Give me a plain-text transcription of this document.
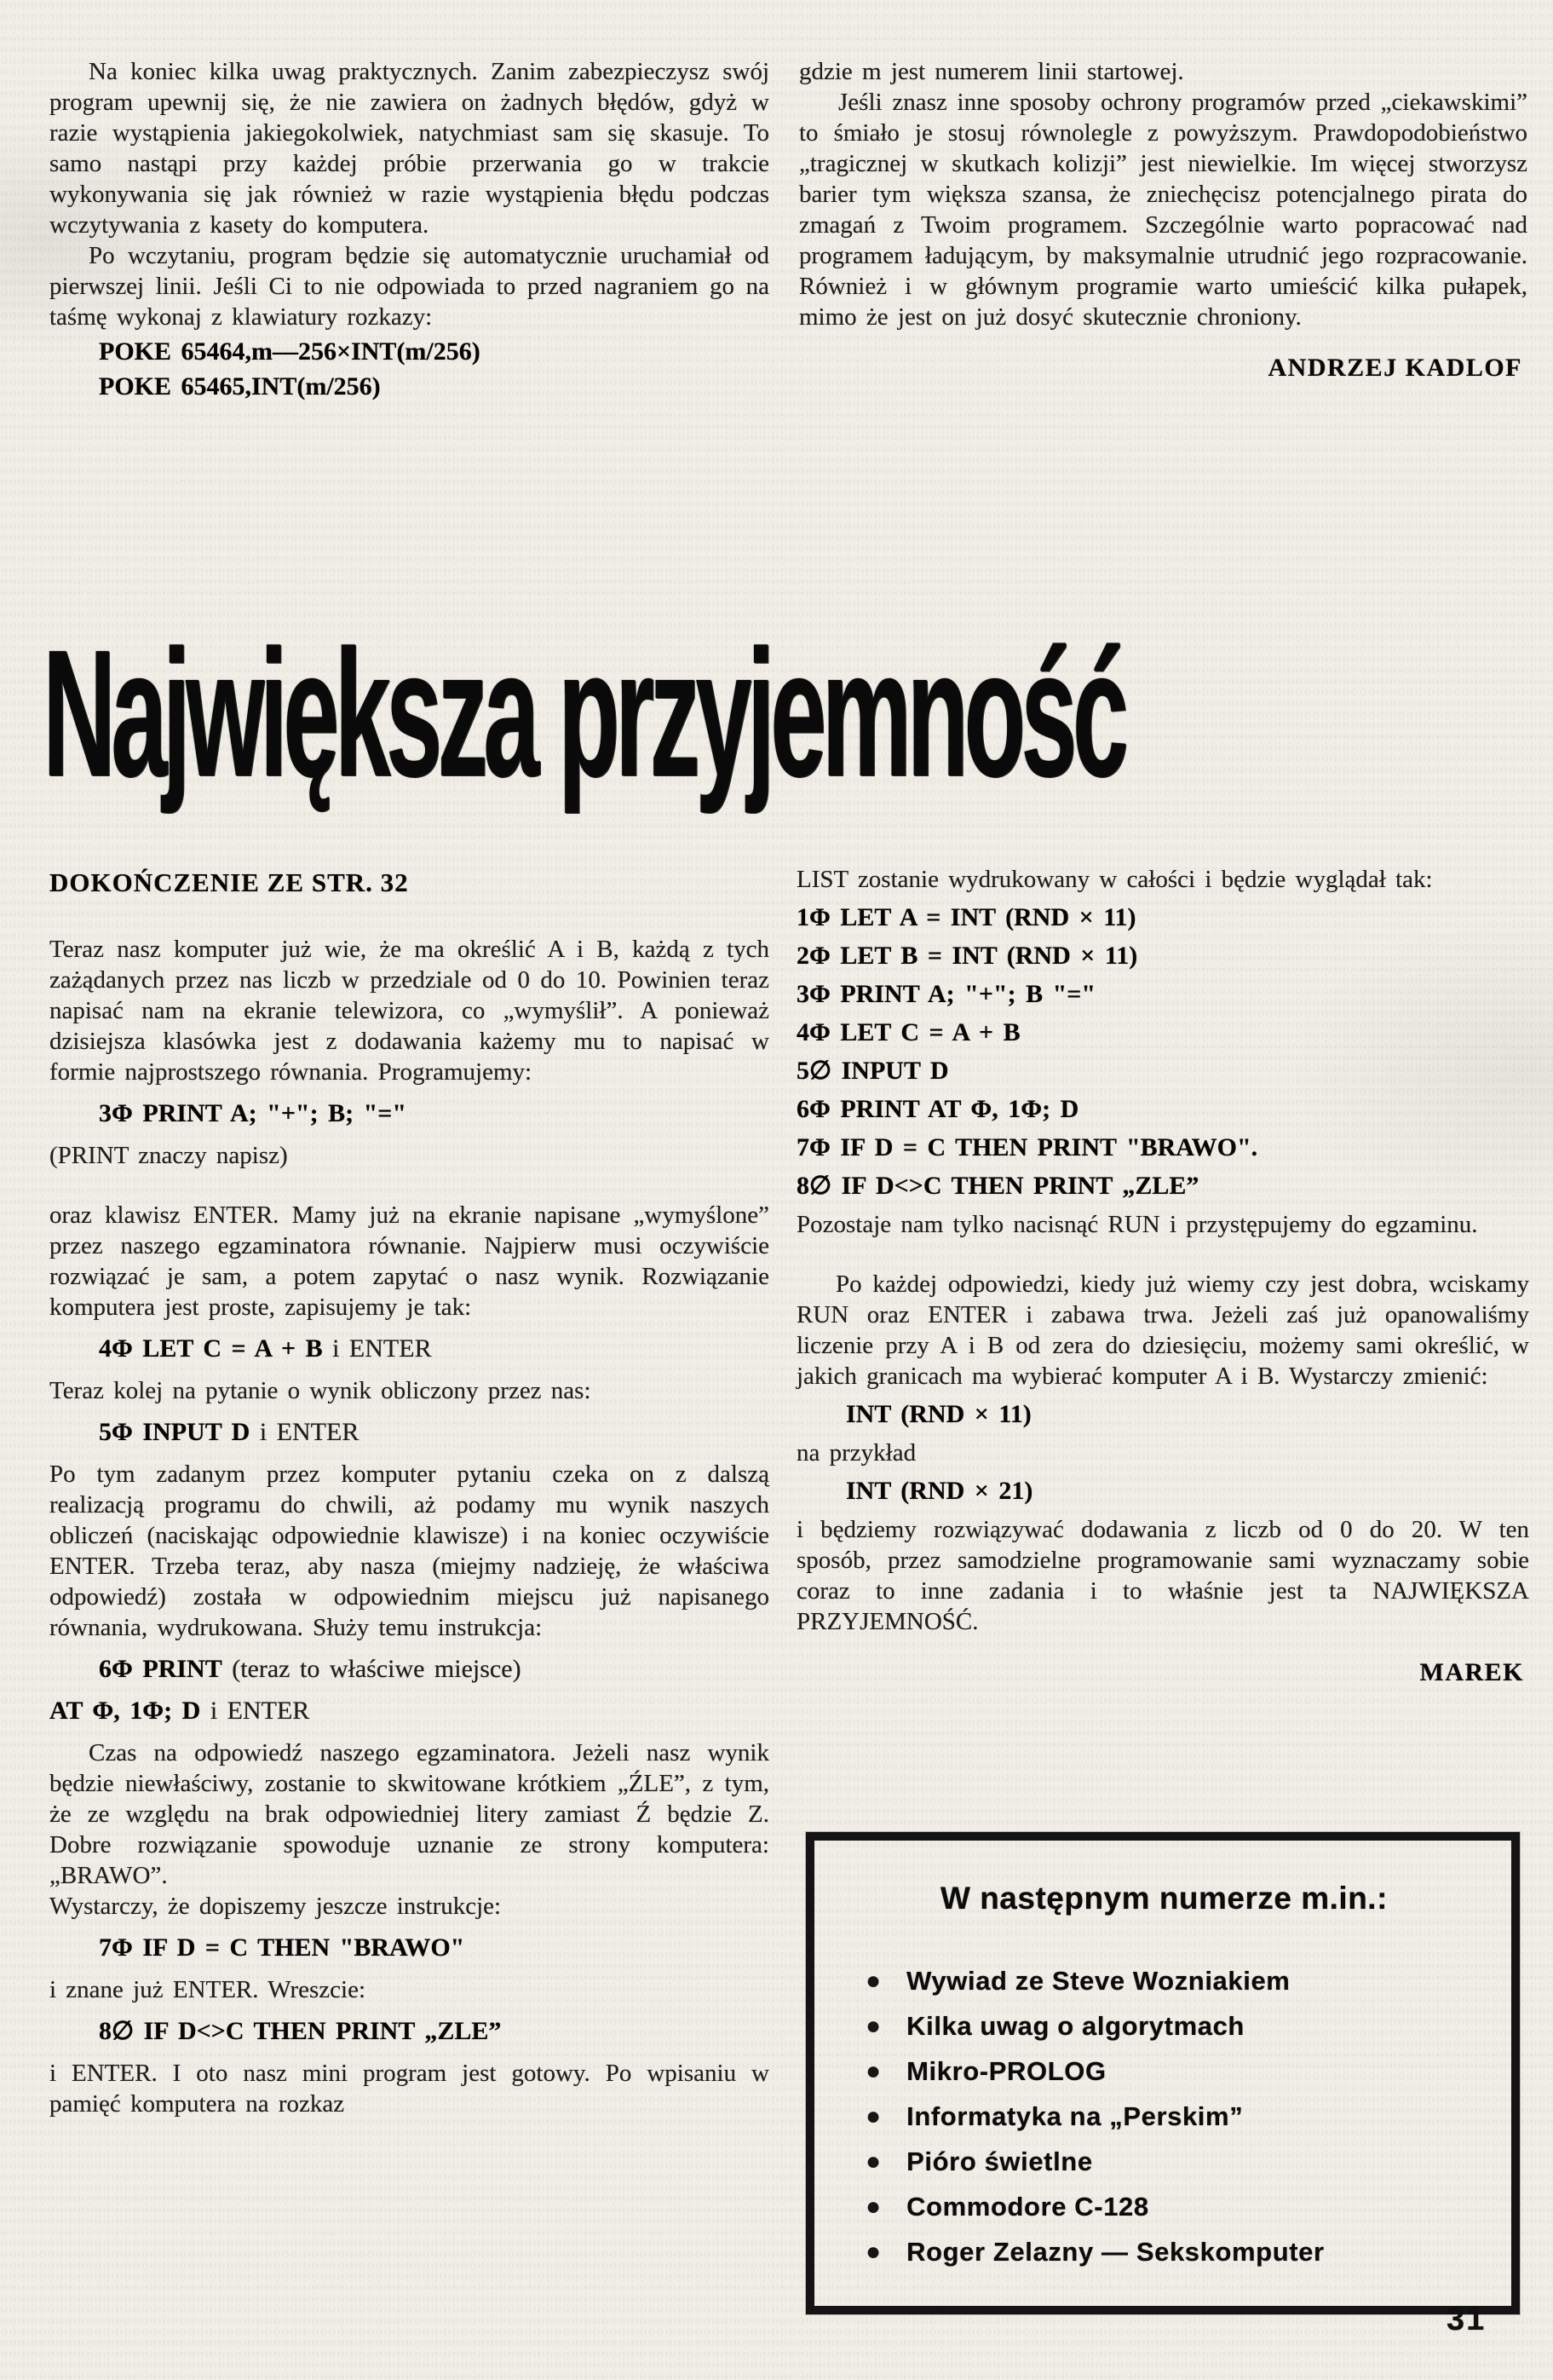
Na koniec kilka uwag praktycznych. Zanim zabezpieczysz swój program upewnij się, że nie zawiera on żadnych błędów, gdyż w razie wystąpienia jakiegokolwiek, natychmiast sam się skasuje. To samo nastąpi przy każdej próbie przerwania go w trakcie wykonywania się jak również w razie wystąpienia błędu podczas wczytywania z kasety do komputera.

Po wczytaniu, program będzie się automatycznie uruchamiał od pierwszej linii. Jeśli Ci to nie odpowiada to przed nagraniem go na taśmę wykonaj z klawiatury rozkazy:

POKE 65464,m—256×INT(m/256)

POKE 65465,INT(m/256)

gdzie m jest numerem linii startowej.

Jeśli znasz inne sposoby ochrony programów przed „ciekawskimi” to śmiało je stosuj równolegle z powyższym. Prawdopodobieństwo „tragicznej w skutkach kolizji” jest niewielkie. Im więcej stworzysz barier tym większa szansa, że zniechęcisz potencjalnego pirata do zmagań z Twoim programem. Szczególnie warto popracować nad programem ładującym, by maksymalnie utrudnić jego rozpracowanie. Również i w głównym programie warto umieścić kilka pułapek, mimo że jest on już dosyć skutecznie chroniony.

ANDRZEJ KADLOF

Największa przyjemność
DOKOŃCZENIE ZE STR. 32

Teraz nasz komputer już wie, że ma określić A i B, każdą z tych zażądanych przez nas liczb w przedziale od 0 do 10. Powinien teraz napisać nam na ekranie telewizora, co „wymyślił”. A ponieważ dzisiejsza klasówka jest z dodawania każemy mu to napisać w formie najprostszego równania. Programujemy:

3Φ PRINT A; "+"; B; "="

(PRINT znaczy napisz)

oraz klawisz ENTER. Mamy już na ekranie napisane „wymyślone” przez naszego egzaminatora równanie. Najpierw musi oczywiście rozwiązać je sam, a potem zapytać o nasz wynik. Rozwiązanie komputera jest proste, zapisujemy je tak:

4Φ LET C = A + B i ENTER

Teraz kolej na pytanie o wynik obliczony przez nas:

5Φ INPUT D i ENTER

Po tym zadanym przez komputer pytaniu czeka on z dalszą realizacją programu do chwili, aż podamy mu wynik naszych obliczeń (naciskając odpowiednie klawisze) i na koniec oczywiście ENTER. Trzeba teraz, aby nasza (miejmy nadzieję, że właściwa odpowiedź) została w odpowiednim miejscu już napisanego równania, wydrukowana. Służy temu instrukcja:

6Φ PRINT (teraz to właściwe miejsce)

AT Φ, 1Φ; D i ENTER

Czas na odpowiedź naszego egzaminatora. Jeżeli nasz wynik będzie niewłaściwy, zostanie to skwitowane krótkiem „ŹLE”, z tym, że ze względu na brak odpowiedniej litery zamiast Ź będzie Z. Dobre rozwiązanie spowoduje uznanie ze strony komputera: „BRAWO”.

Wystarczy, że dopiszemy jeszcze instrukcje:

7Φ IF D = C THEN "BRAWO"

i znane już ENTER. Wreszcie:

8∅ IF D<>C THEN PRINT „ZLE”

i ENTER. I oto nasz mini program jest gotowy. Po wpisaniu w pamięć komputera na rozkaz

LIST zostanie wydrukowany w całości i będzie wyglądał tak:

1Φ LET A = INT (RND × 11)

2Φ LET B = INT (RND × 11)

3Φ PRINT A; "+"; B "="

4Φ LET C = A + B

5∅ INPUT D

6Φ PRINT AT Φ, 1Φ; D

7Φ IF D = C THEN PRINT "BRAWO".

8∅ IF D<>C THEN PRINT „ZLE”

Pozostaje nam tylko nacisnąć RUN i przystępujemy do egzaminu.

Po każdej odpowiedzi, kiedy już wiemy czy jest dobra, wciskamy RUN oraz ENTER i zabawa trwa. Jeżeli zaś już opanowaliśmy liczenie przy A i B od zera do dziesięciu, możemy sami określić, w jakich granicach ma wybierać komputer A i B. Wystarczy zmienić:

INT (RND × 11)

na przykład

INT (RND × 21)

i będziemy rozwiązywać dodawania z liczb od 0 do 20. W ten sposób, przez samodzielne programowanie sami wyznaczamy sobie coraz to inne zadania i to właśnie jest ta NAJWIĘKSZA PRZYJEMNOŚĆ.

MAREK

W następnym numerze m.in.:
● Wywiad ze Steve Wozniakiem
● Kilka uwag o algorytmach
● Mikro-PROLOG
● Informatyka na „Perskim”
● Pióro świetlne
● Commodore C-128
● Roger Zelazny — Sekskomputer
31
